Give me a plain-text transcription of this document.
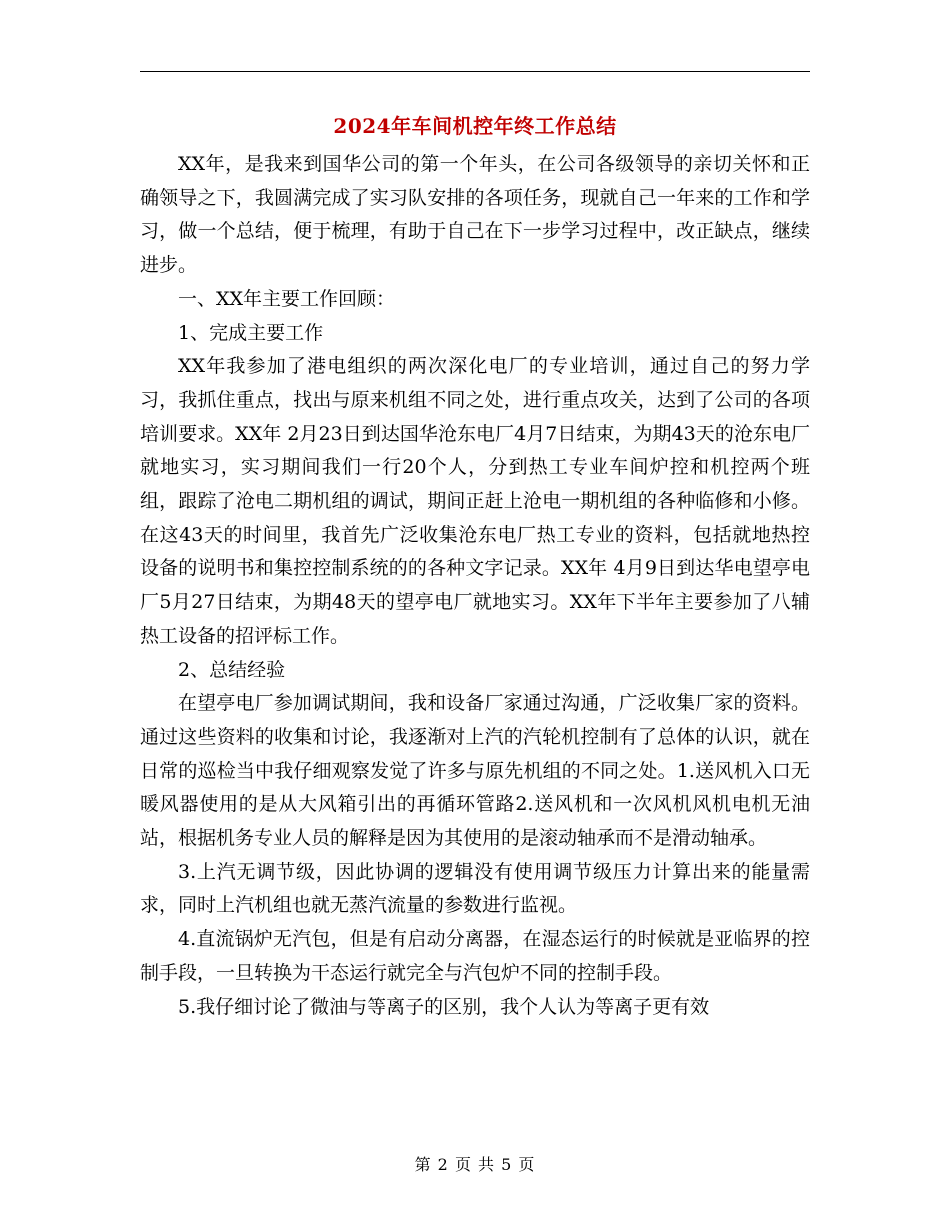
2024年车间机控年终工作总结

XX年，是我来到国华公司的第一个年头，在公司各级领导的亲切关怀和正确领导之下，我圆满完成了实习队安排的各项任务，现就自己一年来的工作和学习，做一个总结，便于梳理，有助于自己在下一步学习过程中，改正缺点，继续进步。

一、XX年主要工作回顾：

1、完成主要工作

XX年我参加了港电组织的两次深化电厂的专业培训，通过自己的努力学习，我抓住重点，找出与原来机组不同之处，进行重点攻关，达到了公司的各项培训要求。XX年 2月23日到达国华沧东电厂4月7日结束，为期43天的沧东电厂就地实习，实习期间我们一行20个人，分到热工专业车间炉控和机控两个班组，跟踪了沧电二期机组的调试，期间正赶上沧电一期机组的各种临修和小修。在这43天的时间里，我首先广泛收集沧东电厂热工专业的资料，包括就地热控设备的说明书和集控控制系统的的各种文字记录。XX年 4月9日到达华电望亭电厂5月27日结束，为期48天的望亭电厂就地实习。XX年下半年主要参加了八辅热工设备的招评标工作。

2、总结经验

在望亭电厂参加调试期间，我和设备厂家通过沟通，广泛收集厂家的资料。通过这些资料的收集和讨论，我逐渐对上汽的汽轮机控制有了总体的认识，就在日常的巡检当中我仔细观察发觉了许多与原先机组的不同之处。1.送风机入口无暖风器使用的是从大风箱引出的再循环管路2.送风机和一次风机风机电机无油站，根据机务专业人员的解释是因为其使用的是滚动轴承而不是滑动轴承。

3.上汽无调节级，因此协调的逻辑没有使用调节级压力计算出来的能量需求，同时上汽机组也就无蒸汽流量的参数进行监视。

4.直流锅炉无汽包，但是有启动分离器，在湿态运行的时候就是亚临界的控制手段，一旦转换为干态运行就完全与汽包炉不同的控制手段。

5.我仔细讨论了微油与等离子的区别，我个人认为等离子更有效

第 2 页 共 5 页
